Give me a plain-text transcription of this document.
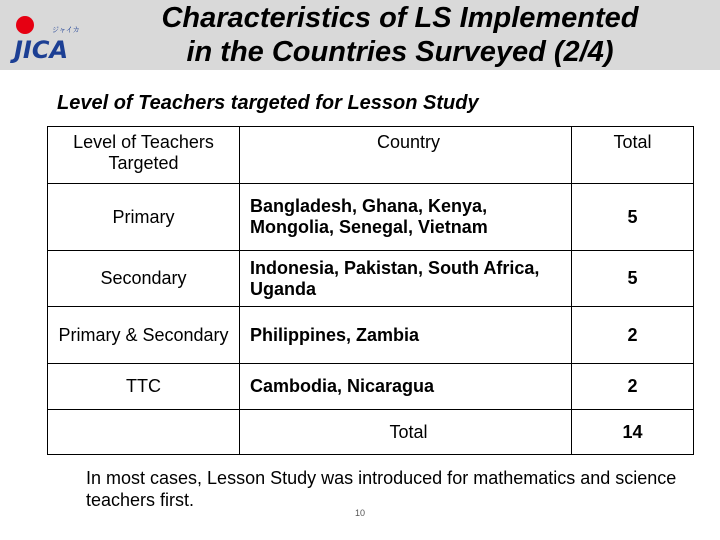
ジャイカ
JICA
Characteristics of LS Implemented
in the Countries Surveyed (2/4)
Level of Teachers targeted for Lesson Study
Level of Teachers Targeted	Country	Total
Primary	Bangladesh, Ghana, Kenya, Mongolia, Senegal, Vietnam	5
Secondary	Indonesia, Pakistan, South Africa, Uganda	5
Primary & Secondary	Philippines, Zambia	2
TTC	Cambodia, Nicaragua	2
	Total	14
In most cases, Lesson Study was introduced for mathematics and science teachers first.
10
